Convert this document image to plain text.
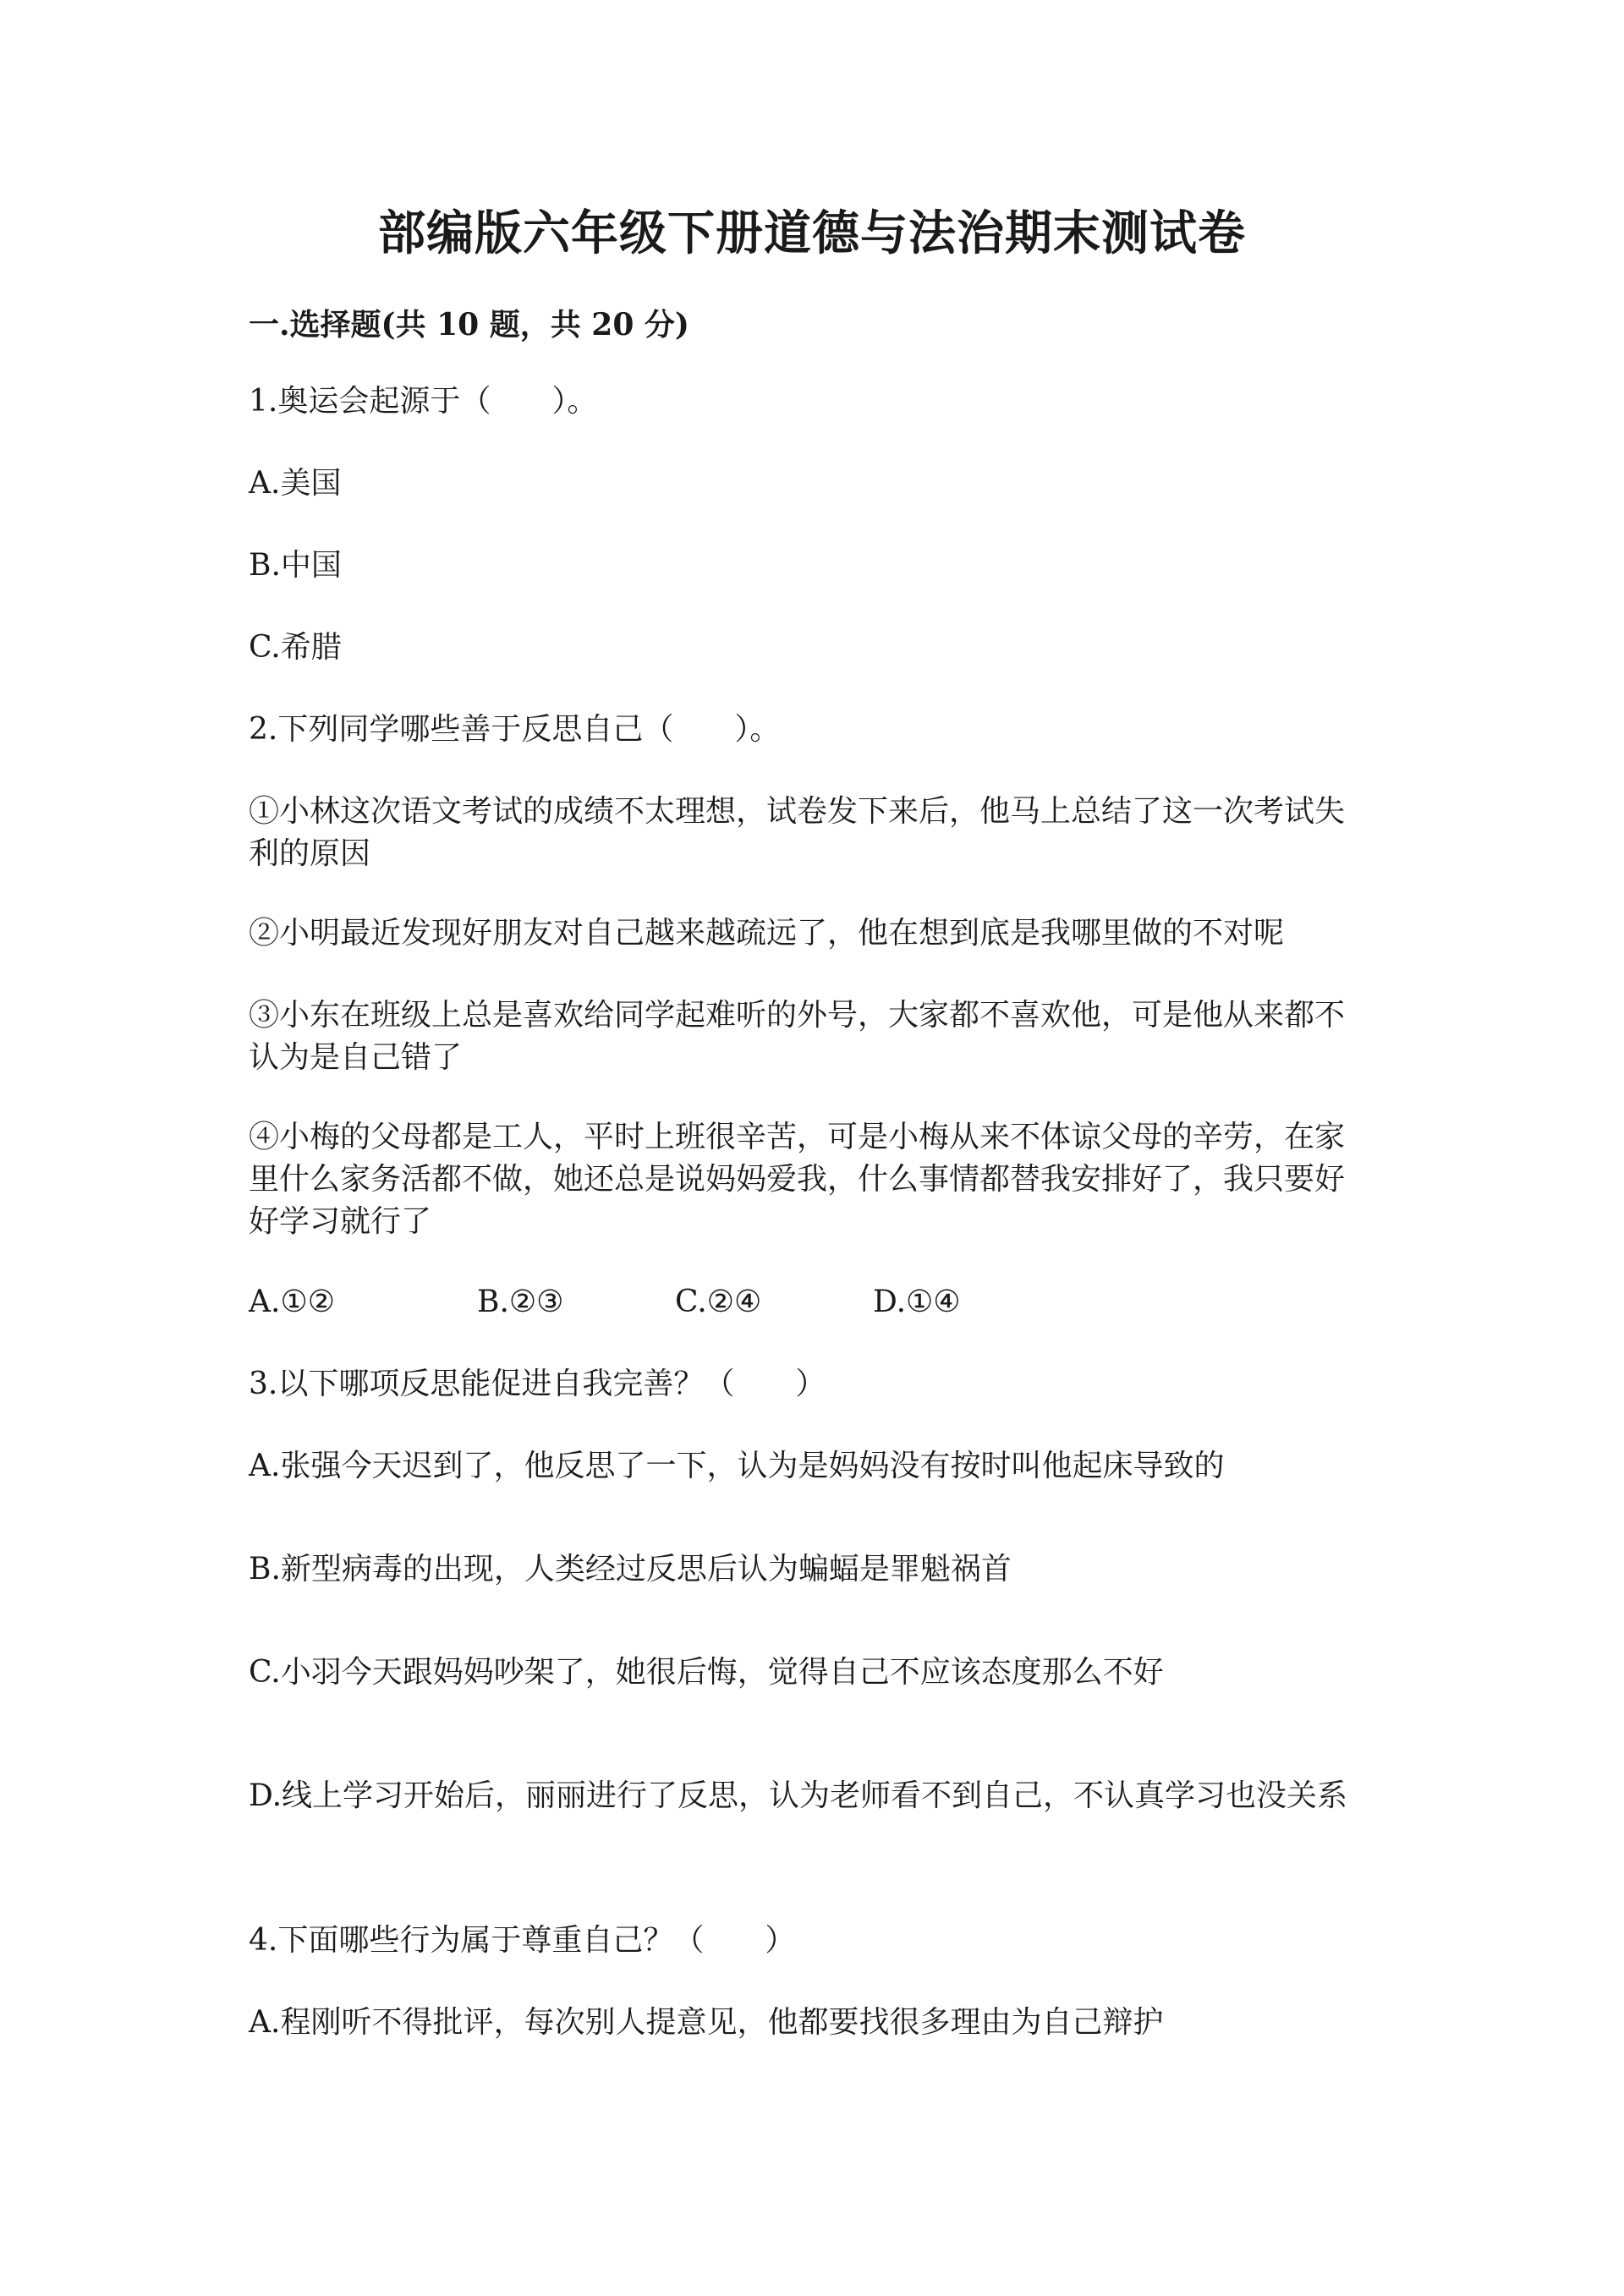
部编版六年级下册道德与法治期末测试卷
一.选择题(共 10 题，共 20 分)
1.奥运会起源于（　　）。
A.美国
B.中国
C.希腊
2.下列同学哪些善于反思自己（　　）。
①小林这次语文考试的成绩不太理想，试卷发下来后，他马上总结了这一次考试失利的原因
②小明最近发现好朋友对自己越来越疏远了，他在想到底是我哪里做的不对呢
③小东在班级上总是喜欢给同学起难听的外号，大家都不喜欢他，可是他从来都不认为是自己错了
④小梅的父母都是工人，平时上班很辛苦，可是小梅从来不体谅父母的辛劳，在家里什么家务活都不做，她还总是说妈妈爱我，什么事情都替我安排好了，我只要好好学习就行了
A.①②	B.②③	C.②④	D.①④
3.以下哪项反思能促进自我完善？（　　）
A.张强今天迟到了，他反思了一下，认为是妈妈没有按时叫他起床导致的
B.新型病毒的出现，人类经过反思后认为蝙蝠是罪魁祸首
C.小羽今天跟妈妈吵架了，她很后悔，觉得自己不应该态度那么不好
D.线上学习开始后，丽丽进行了反思，认为老师看不到自己，不认真学习也没关系
4.下面哪些行为属于尊重自己？（　　）
A.程刚听不得批评，每次别人提意见，他都要找很多理由为自己辩护
